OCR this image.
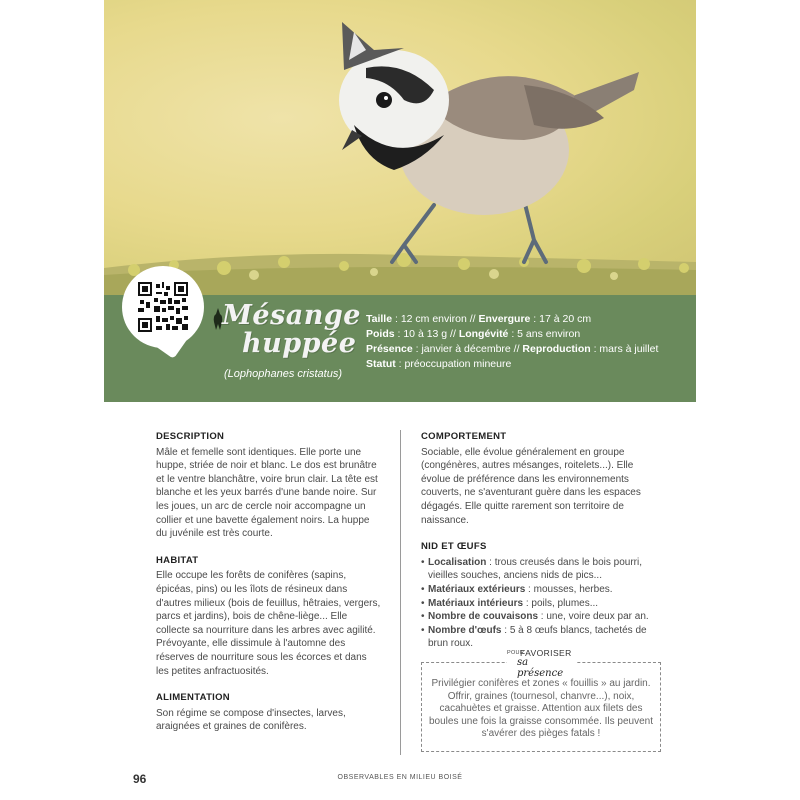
Mésange
huppée
(Lophophanes cristatus)
Taille : 12 cm environ // Envergure : 17 à 20 cm
Poids : 10 à 13 g // Longévité : 5 ans environ
Présence : janvier à décembre // Reproduction : mars à juillet
Statut : préoccupation mineure
DESCRIPTION

Mâle et femelle sont identiques. Elle porte une huppe, striée de noir et blanc. Le dos est brunâtre et le ventre blanchâtre, voire brun clair. La tête est blanche et les yeux barrés d'une bande noire. Sur les joues, un arc de cercle noir accompagne un collier et une bavette également noirs. La huppe du juvénile est très courte.

HABITAT

Elle occupe les forêts de conifères (sapins, épicéas, pins) ou les îlots de résineux dans d'autres milieux (bois de feuillus, hêtraies, vergers, parcs et jardins), bois de chêne-liège... Elle collecte sa nourriture dans les arbres avec agilité. Prévoyante, elle dissimule à l'automne des réserves de nourriture sous les écorces et dans les petites anfractuosités.

ALIMENTATION

Son régime se compose d'insectes, larves, araignées et graines de conifères.

COMPORTEMENT

Sociable, elle évolue généralement en groupe (congénères, autres mésanges, roitelets...). Elle évolue de préférence dans les environnements couverts, ne s'aventurant guère dans les espaces dégagés. Elle quitte rarement son territoire de naissance.

NID ET ŒUFS
• Localisation : trous creusés dans le bois pourri, vieilles souches, anciens nids de pics...
• Matériaux extérieurs : mousses, herbes.
• Matériaux intérieurs : poils, plumes...
• Nombre de couvaisons : une, voire deux par an.
• Nombre d'œufs : 5 à 8 œufs blancs, tachetés de brun roux.
POUR
FAVORISER
sa présence
Privilégier conifères et zones « fouillis » au jardin. Offrir, graines (tournesol, chanvre...), noix, cacahuètes et graisse. Attention aux filets des boules une fois la graisse consommée. Ils peuvent s'avérer des pièges fatals !
96	OBSERVABLES EN MILIEU BOISÉ
